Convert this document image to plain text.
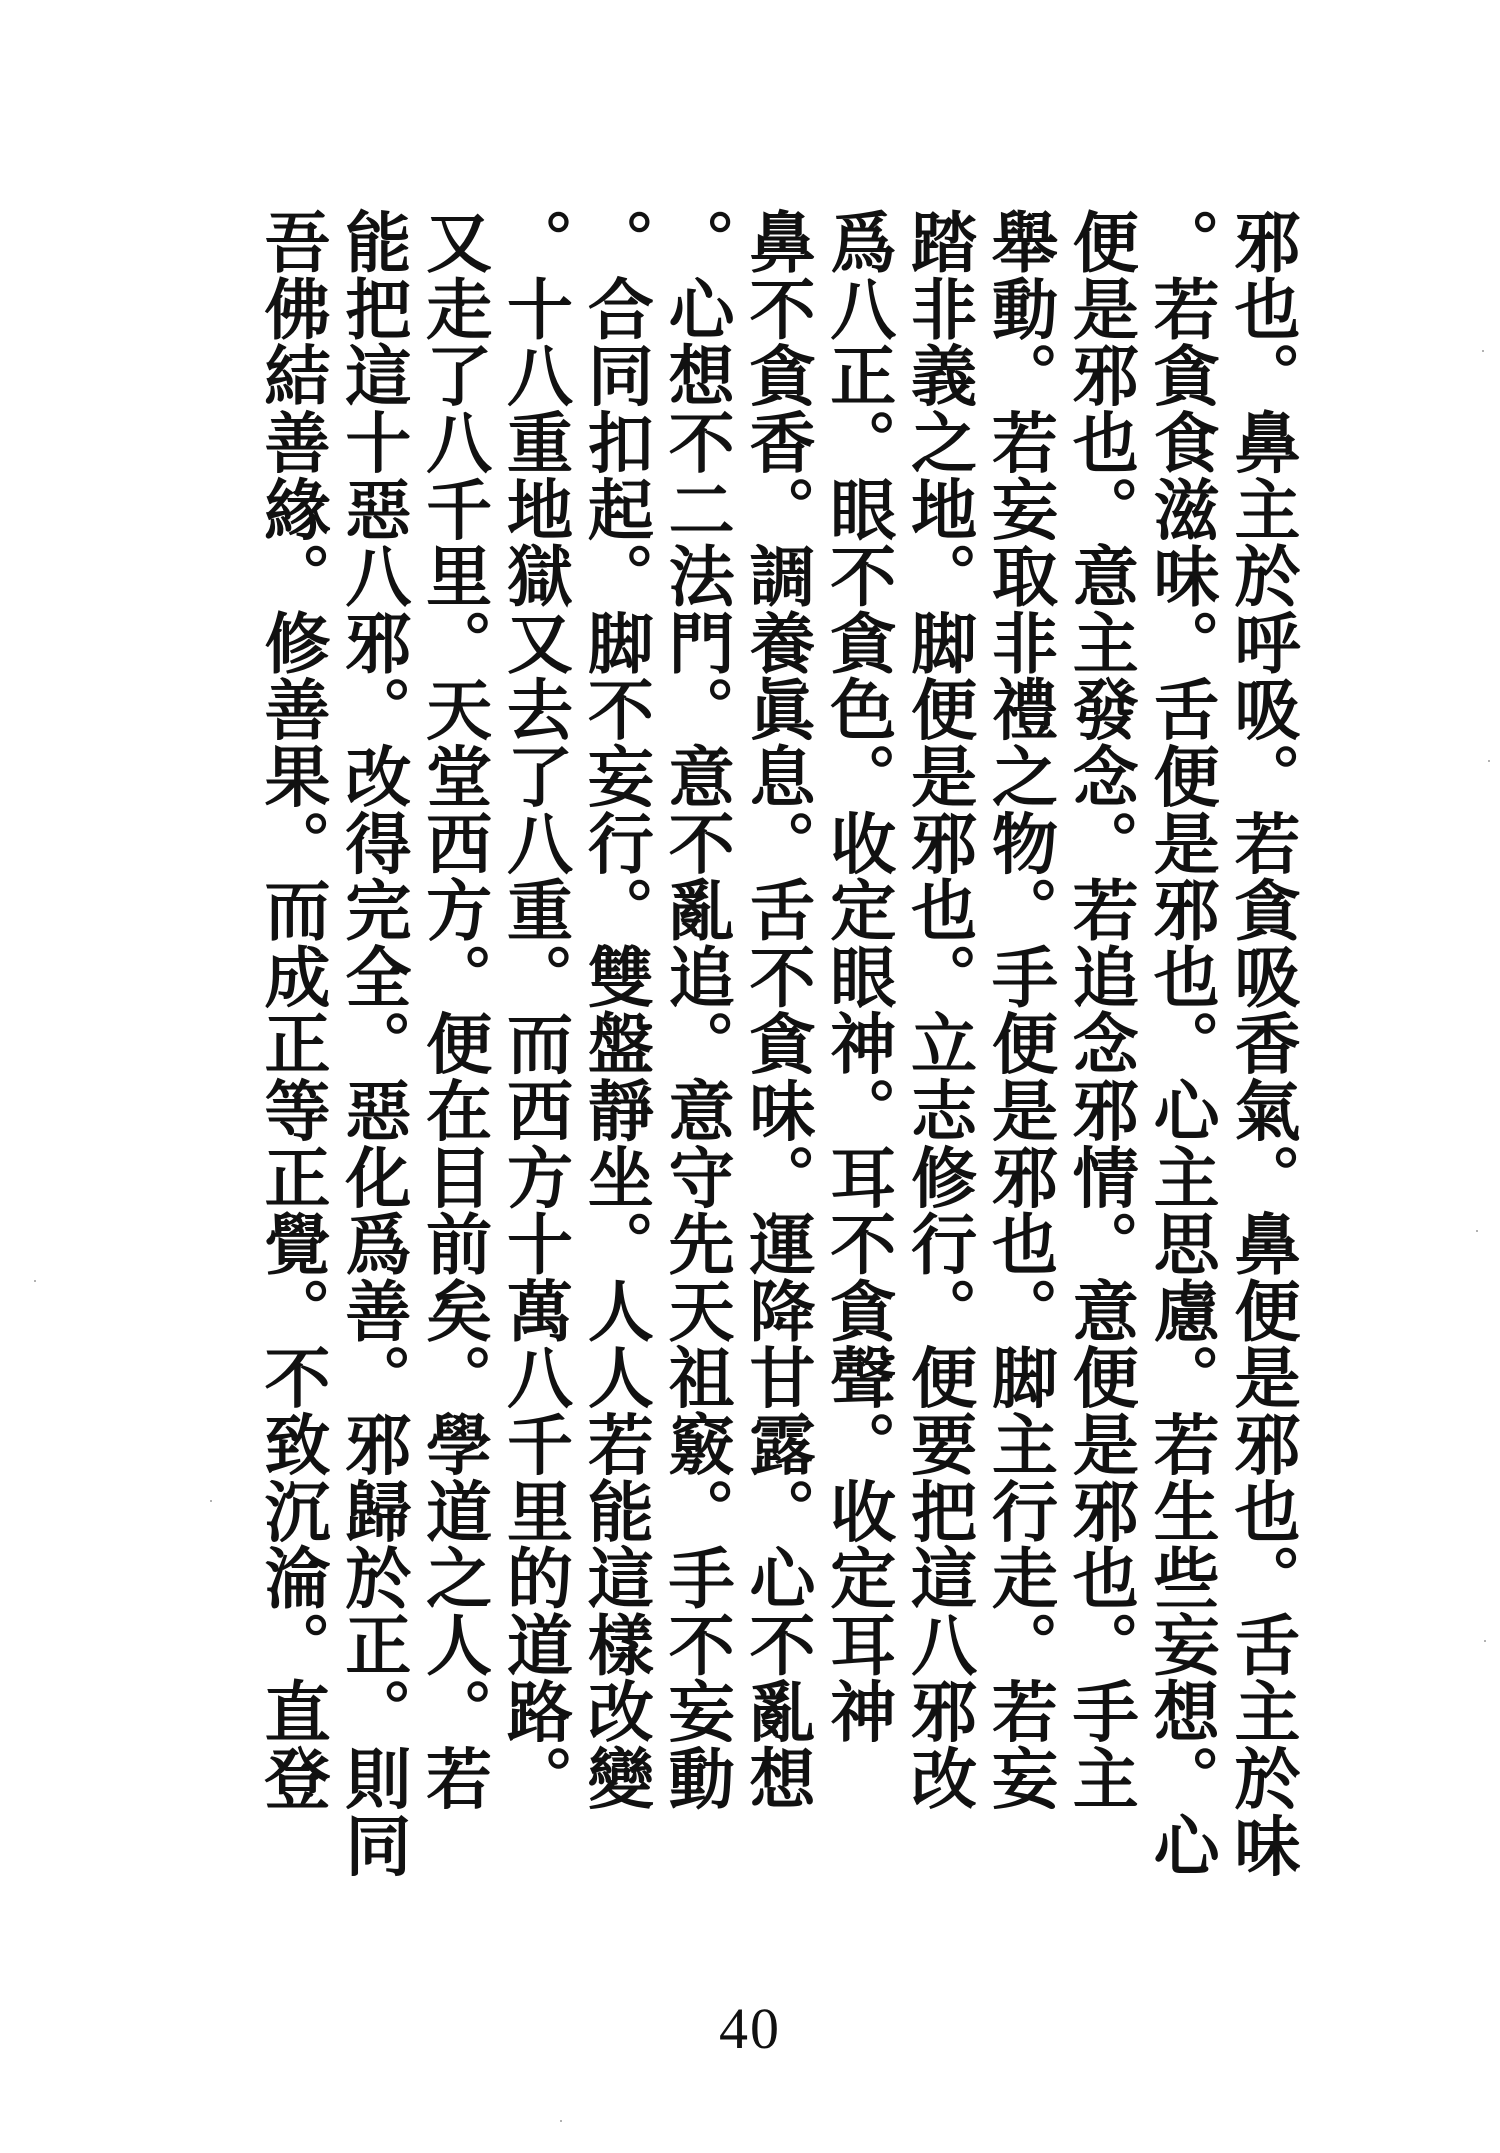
邪也。鼻主於呼吸。若貪吸香氣。鼻便是邪也。舌主於味
。若貪食滋味。舌便是邪也。心主思慮。若生些妄想。心
便是邪也。意主發念。若追念邪情。意便是邪也。手主
舉動。若妄取非禮之物。手便是邪也。脚主行走。若妄
踏非義之地。脚便是邪也。立志修行。便要把這八邪改
爲八正。眼不貪色。收定眼神。耳不貪聲。收定耳神
鼻不貪香。調養眞息。舌不貪味。運降甘露。心不亂想
。心想不二法門。意不亂追。意守先天祖竅。手不妄動
。合同扣起。脚不妄行。雙盤靜坐。人人若能這樣改變
。十八重地獄又去了八重。而西方十萬八千里的道路。
又走了八千里。天堂西方。便在目前矣。學道之人。若
能把這十惡八邪。改得完全。惡化爲善。邪歸於正。則同
吾佛結善緣。修善果。而成正等正覺。不致沉淪。直登
40
